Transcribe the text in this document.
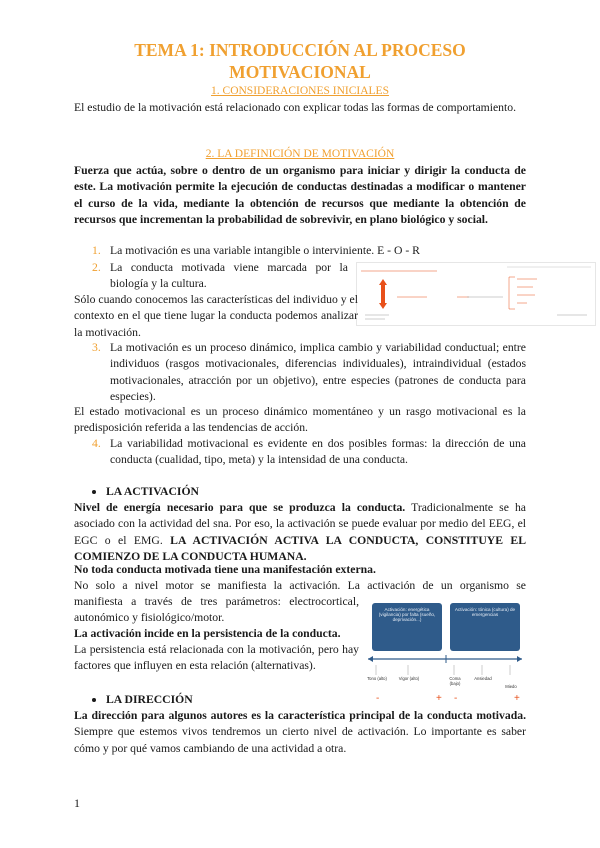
TEMA 1: INTRODUCCIÓN AL PROCESO
MOTIVACIONAL
1. CONSIDERACIONES INICIALES
El estudio de la motivación está relacionado con explicar todas las formas de comportamiento.
2. LA DEFINICIÓN DE MOTIVACIÓN
Fuerza que actúa, sobre o dentro de un organismo para iniciar y dirigir la conducta de este. La motivación permite la ejecución de conductas destinadas a modificar o mantener el curso de la vida, mediante la obtención de recursos que mediante la obtención de recursos que incrementan la probabilidad de sobrevivir, en plano biológico y social.
1. La motivación es una variable intangible o interviniente. E - O - R
2. La conducta motivada viene marcada por la
biología y la cultura.
Sólo cuando conocemos las características del individuo y el contexto en el que tiene lugar la conducta podemos analizar la motivación.
3. La motivación es un proceso dinámico, implica cambio y variabilidad conductual; entre individuos (rasgos motivacionales, diferencias individuales), intraindividual (estados motivacionales, atracción por un objetivo), entre especies (patrones de conducta para especies).
El estado motivacional es un proceso dinámico momentáneo y un rasgo motivacional es la predisposición referida a las tendencias de acción.
4. La variabilidad motivacional es evidente en dos posibles formas: la dirección de una conducta (cualidad, tipo, meta) y la intensidad de una conducta.
LA ACTIVACIÓN
Nivel de energía necesario para que se produzca la conducta. Tradicionalmente se ha asociado con la actividad del sna. Por eso, la activación se puede evaluar por medio del EEG, el EGC o el EMG. LA ACTIVACIÓN ACTIVA LA CONDUCTA, CONSTITUYE EL COMIENZO DE LA CONDUCTA HUMANA.
No toda conducta motivada tiene una manifestación externa.
No solo a nivel motor se manifiesta la activación. La activación de un organismo se
manifiesta a través de tres parámetros: electrocortical,
autonómico y fisiológico/motor.
La activación incide en la persistencia de la conducta.
La persistencia está relacionada con la motivación, pero hay factores que influyen en esta relación (alternativas).
Activación: energética (vigilancia) por falta (sueño, deprivación...)
Activación: tónica (cultura) de emergencias
Tono (alto)	Vigor (alto)	Coma (bajo)
Ansiedad
Miedo
-	+ -	+
LA DIRECCIÓN
La dirección para algunos autores es la característica principal de la conducta motivada. Siempre que estemos vivos tendremos un cierto nivel de activación. Lo importante es saber cómo y por qué vamos cambiando de una actividad a otra.
1
